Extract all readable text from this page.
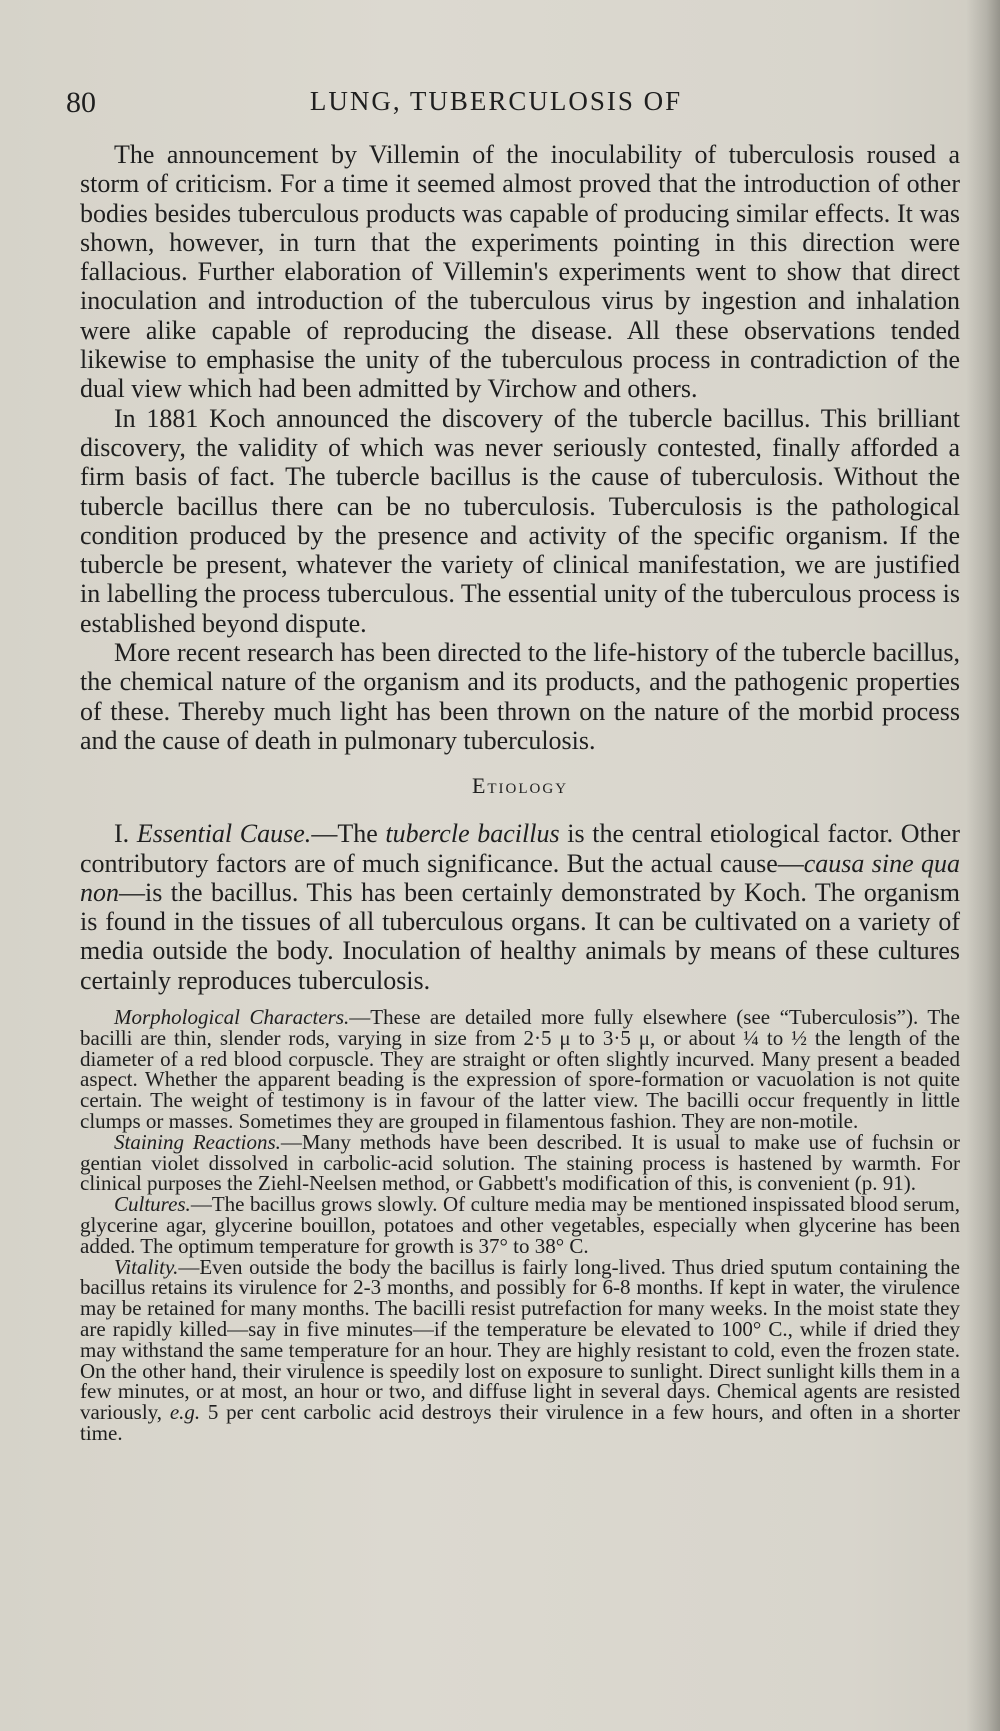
80	LUNG, TUBERCULOSIS OF

The announcement by Villemin of the inoculability of tuberculosis roused a storm of criticism. For a time it seemed almost proved that the introduction of other bodies besides tuberculous products was capable of producing similar effects. It was shown, however, in turn that the experiments pointing in this direction were fallacious. Further elaboration of Villemin's experiments went to show that direct inoculation and introduction of the tuberculous virus by ingestion and inhalation were alike capable of reproducing the disease. All these observations tended likewise to emphasise the unity of the tuberculous process in contradiction of the dual view which had been admitted by Virchow and others.

In 1881 Koch announced the discovery of the tubercle bacillus. This brilliant discovery, the validity of which was never seriously contested, finally afforded a firm basis of fact. The tubercle bacillus is the cause of tuberculosis. Without the tubercle bacillus there can be no tuberculosis. Tuberculosis is the pathological condition produced by the presence and activity of the specific organism. If the tubercle be present, whatever the variety of clinical manifestation, we are justified in labelling the process tuberculous. The essential unity of the tuberculous process is established beyond dispute.

More recent research has been directed to the life-history of the tubercle bacillus, the chemical nature of the organism and its products, and the pathogenic properties of these. Thereby much light has been thrown on the nature of the morbid process and the cause of death in pulmonary tuberculosis.

Etiology

I. Essential Cause.—The tubercle bacillus is the central etiological factor. Other contributory factors are of much significance. But the actual cause—causa sine qua non—is the bacillus. This has been certainly demonstrated by Koch. The organism is found in the tissues of all tuberculous organs. It can be cultivated on a variety of media outside the body. Inoculation of healthy animals by means of these cultures certainly reproduces tuberculosis.

Morphological Characters.—These are detailed more fully elsewhere (see “Tuberculosis”). The bacilli are thin, slender rods, varying in size from 2·5 μ to 3·5 μ, or about ¼ to ½ the length of the diameter of a red blood corpuscle. They are straight or often slightly incurved. Many present a beaded aspect. Whether the apparent beading is the expression of spore-formation or vacuolation is not quite certain. The weight of testimony is in favour of the latter view. The bacilli occur frequently in little clumps or masses. Sometimes they are grouped in filamentous fashion. They are non-motile.

Staining Reactions.—Many methods have been described. It is usual to make use of fuchsin or gentian violet dissolved in carbolic-acid solution. The staining process is hastened by warmth. For clinical purposes the Ziehl-Neelsen method, or Gabbett's modification of this, is convenient (p. 91).

Cultures.—The bacillus grows slowly. Of culture media may be mentioned inspissated blood serum, glycerine agar, glycerine bouillon, potatoes and other vegetables, especially when glycerine has been added. The optimum temperature for growth is 37° to 38° C.

Vitality.—Even outside the body the bacillus is fairly long-lived. Thus dried sputum containing the bacillus retains its virulence for 2-3 months, and possibly for 6-8 months. If kept in water, the virulence may be retained for many months. The bacilli resist putrefaction for many weeks. In the moist state they are rapidly killed—say in five minutes—if the temperature be elevated to 100° C., while if dried they may withstand the same temperature for an hour. They are highly resistant to cold, even the frozen state. On the other hand, their virulence is speedily lost on exposure to sunlight. Direct sunlight kills them in a few minutes, or at most, an hour or two, and diffuse light in several days. Chemical agents are resisted variously, e.g. 5 per cent carbolic acid destroys their virulence in a few hours, and often in a shorter time.
